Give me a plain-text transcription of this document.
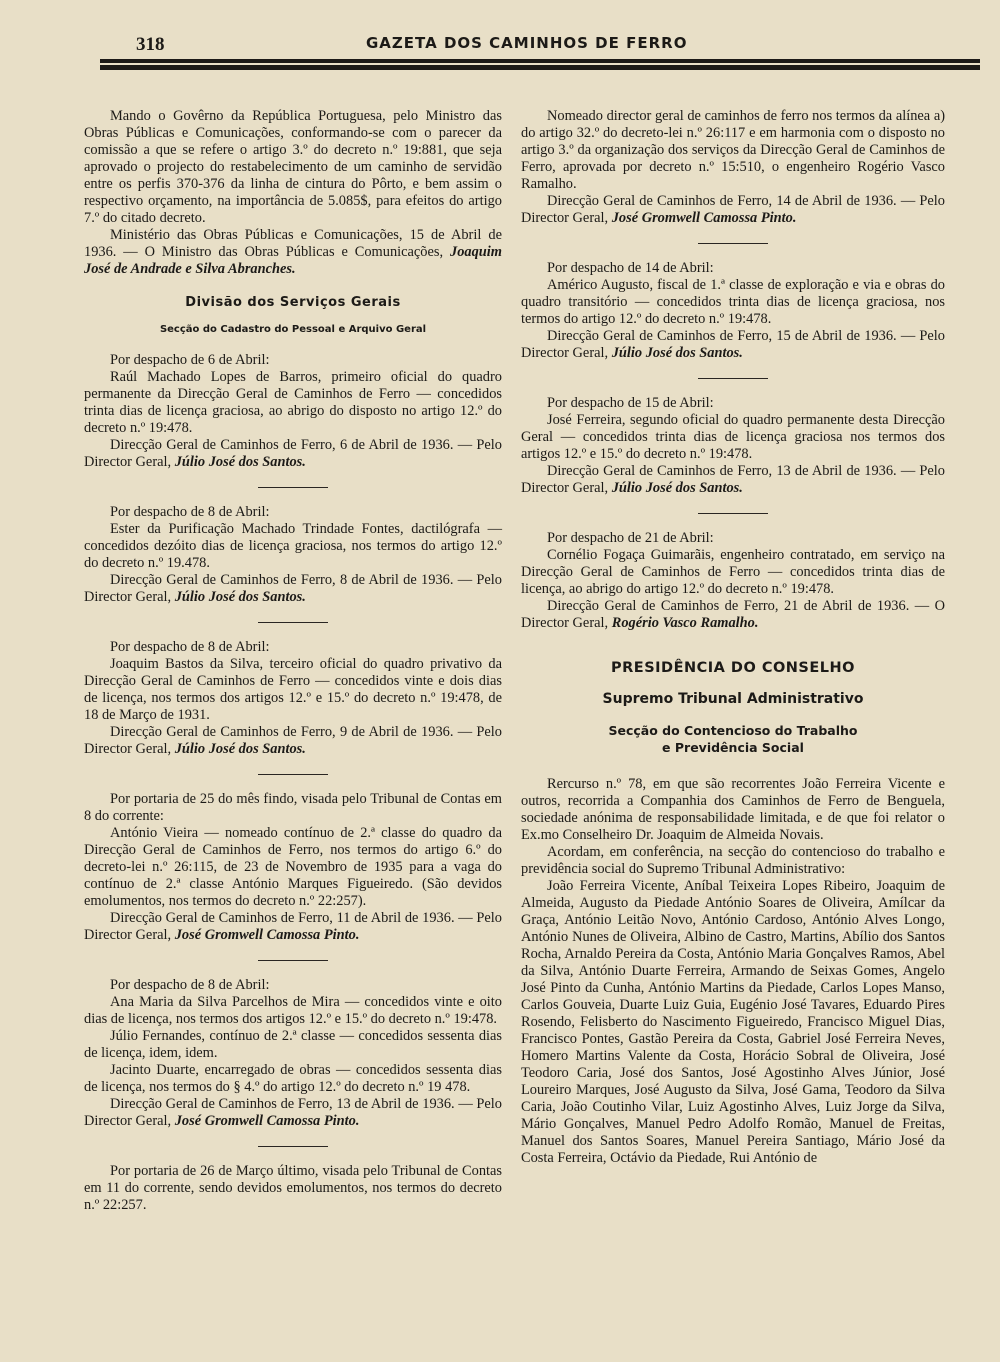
318	GAZETA DOS CAMINHOS DE FERRO

Mando o Govêrno da República Portuguesa, pelo Ministro das Obras Públicas e Comunicações, conformando-se com o parecer da comissão a que se refere o artigo 3.º do decreto n.º 19:881, que seja aprovado o projecto do restabelecimento de um caminho de servidão entre os perfis 370-376 da linha de cintura do Pôrto, e bem assim o respectivo orçamento, na importância de 5.085$, para efeitos do artigo 7.º do citado decreto.

Ministério das Obras Públicas e Comunicações, 15 de Abril de 1936. — O Ministro das Obras Públicas e Comunicações, Joaquim José de Andrade e Silva Abranches.

Divisão dos Serviços Gerais
Secção do Cadastro do Pessoal e Arquivo Geral

Por despacho de 6 de Abril:

Raúl Machado Lopes de Barros, primeiro oficial do quadro permanente da Direcção Geral de Caminhos de Ferro — concedidos trinta dias de licença graciosa, ao abrigo do disposto no artigo 12.º do decreto n.º 19:478.

Direcção Geral de Caminhos de Ferro, 6 de Abril de 1936. — Pelo Director Geral, Júlio José dos Santos.

Por despacho de 8 de Abril:

Ester da Purificação Machado Trindade Fontes, dactilógrafa — concedidos dezóito dias de licença graciosa, nos termos do artigo 12.º do decreto n.º 19.478.

Direcção Geral de Caminhos de Ferro, 8 de Abril de 1936. — Pelo Director Geral, Júlio José dos Santos.

Por despacho de 8 de Abril:

Joaquim Bastos da Silva, terceiro oficial do quadro privativo da Direcção Geral de Caminhos de Ferro — concedidos vinte e dois dias de licença, nos termos dos artigos 12.º e 15.º do decreto n.º 19:478, de 18 de Março de 1931.

Direcção Geral de Caminhos de Ferro, 9 de Abril de 1936. — Pelo Director Geral, Júlio José dos Santos.

Por portaria de 25 do mês findo, visada pelo Tribunal de Contas em 8 do corrente:

António Vieira — nomeado contínuo de 2.ª classe do quadro da Direcção Geral de Caminhos de Ferro, nos termos do artigo 6.º do decreto-lei n.º 26:115, de 23 de Novembro de 1935 para a vaga do contínuo de 2.ª classe António Marques Figueiredo. (São devidos emolumentos, nos termos do decreto n.º 22:257).

Direcção Geral de Caminhos de Ferro, 11 de Abril de 1936. — Pelo Director Geral, José Gromwell Camossa Pinto.

Por despacho de 8 de Abril:

Ana Maria da Silva Parcelhos de Mira — concedidos vinte e oito dias de licença, nos termos dos artigos 12.º e 15.º do decreto n.º 19:478.

Júlio Fernandes, contínuo de 2.ª classe — concedidos sessenta dias de licença, idem, idem.

Jacinto Duarte, encarregado de obras — concedidos sessenta dias de licença, nos termos do § 4.º do artigo 12.º do decreto n.º 19 478.

Direcção Geral de Caminhos de Ferro, 13 de Abril de 1936. — Pelo Director Geral, José Gromwell Camossa Pinto.

Por portaria de 26 de Março último, visada pelo Tribunal de Contas em 11 do corrente, sendo devidos emolumentos, nos termos do decreto n.º 22:257.

Nomeado director geral de caminhos de ferro nos termos da alínea a) do artigo 32.º do decreto-lei n.º 26:117 e em harmonia com o disposto no artigo 3.º da organização dos serviços da Direcção Geral de Caminhos de Ferro, aprovada por decreto n.º 15:510, o engenheiro Rogério Vasco Ramalho.

Direcção Geral de Caminhos de Ferro, 14 de Abril de 1936. — Pelo Director Geral, José Gromwell Camossa Pinto.

Por despacho de 14 de Abril:

Américo Augusto, fiscal de 1.ª classe de exploração e via e obras do quadro transitório — concedidos trinta dias de licença graciosa, nos termos do artigo 12.º do decreto n.º 19:478.

Direcção Geral de Caminhos de Ferro, 15 de Abril de 1936. — Pelo Director Geral, Júlio José dos Santos.

Por despacho de 15 de Abril:

José Ferreira, segundo oficial do quadro permanente desta Direcção Geral — concedidos trinta dias de licença graciosa nos termos dos artigos 12.º e 15.º do decreto n.º 19:478.

Direcção Geral de Caminhos de Ferro, 13 de Abril de 1936. — Pelo Director Geral, Júlio José dos Santos.

Por despacho de 21 de Abril:

Cornélio Fogaça Guimarãis, engenheiro contratado, em serviço na Direcção Geral de Caminhos de Ferro — concedidos trinta dias de licença, ao abrigo do artigo 12.º do decreto n.º 19:478.

Direcção Geral de Caminhos de Ferro, 21 de Abril de 1936. — O Director Geral, Rogério Vasco Ramalho.

PRESIDÊNCIA DO CONSELHO
Supremo Tribunal Administrativo
Secção do Contencioso do Trabalho
e Previdência Social

Rercurso n.º 78, em que são recorrentes João Ferreira Vicente e outros, recorrida a Companhia dos Caminhos de Ferro de Benguela, sociedade anónima de responsabilidade limitada, e de que foi relator o Ex.mo Conselheiro Dr. Joaquim de Almeida Novais.

Acordam, em conferência, na secção do contencioso do trabalho e previdência social do Supremo Tribunal Administrativo:

João Ferreira Vicente, Aníbal Teixeira Lopes Ribeiro, Joaquim de Almeida, Augusto da Piedade António Soares de Oliveira, Amílcar da Graça, António Leitão Novo, António Cardoso, António Alves Longo, António Nunes de Oliveira, Albino de Castro, Martins, Abílio dos Santos Rocha, Arnaldo Pereira da Costa, António Maria Gonçalves Ramos, Abel da Silva, António Duarte Ferreira, Armando de Seixas Gomes, Angelo José Pinto da Cunha, António Martins da Piedade, Carlos Lopes Manso, Carlos Gouveia, Duarte Luiz Guia, Eugénio José Tavares, Eduardo Pires Rosendo, Felisberto do Nascimento Figueiredo, Francisco Miguel Dias, Francisco Pontes, Gastão Pereira da Costa, Gabriel José Ferreira Neves, Homero Martins Valente da Costa, Horácio Sobral de Oliveira, José Teodoro Caria, José dos Santos, José Agostinho Alves Júnior, José Loureiro Marques, José Augusto da Silva, José Gama, Teodoro da Silva Caria, João Coutinho Vilar, Luiz Agostinho Alves, Luiz Jorge da Silva, Mário Gonçalves, Manuel Pedro Adolfo Romão, Manuel de Freitas, Manuel dos Santos Soares, Manuel Pereira Santiago, Mário José da Costa Ferreira, Octávio da Piedade, Rui António de
